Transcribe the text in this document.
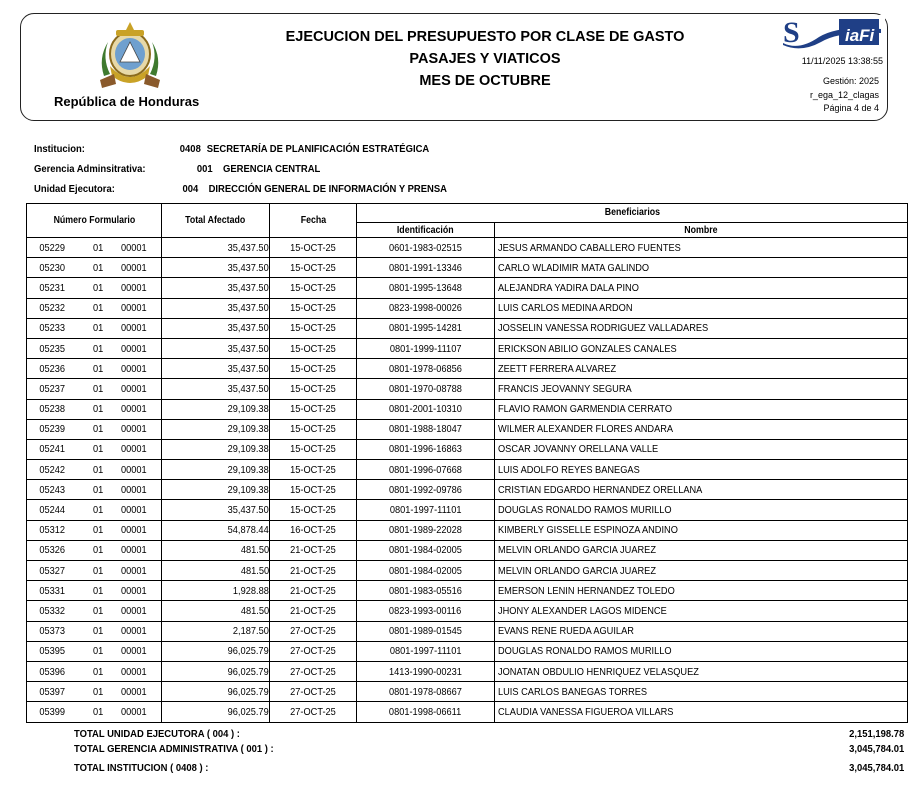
República de Honduras
EJECUCION DEL PRESUPUESTO POR CLASE DE GASTO
PASAJES Y VIATICOS
MES DE OCTUBRE
S	iaFi
11/11/2025 13:38:55
Gestión: 2025
r_ega_12_clagas
Página 4 de 4
Institucion:	0408 SECRETARÍA DE PLANIFICACIÓN ESTRATÉGICA
Gerencia Adminsitrativa:	001 GERENCIA CENTRAL
Unidad Ejecutora:	004 DIRECCIÓN GENERAL DE INFORMACIÓN Y PRENSA
Número Formulario	Total Afectado	Fecha	Beneficiarios	
			Identificación	Nombre
05229 01 00001	35,437.50	15-OCT-25	0601-1983-02515	JESUS ARMANDO CABALLERO FUENTES
05230 01 00001	35,437.50	15-OCT-25	0801-1991-13346	CARLO WLADIMIR MATA GALINDO
05231 01 00001	35,437.50	15-OCT-25	0801-1995-13648	ALEJANDRA YADIRA DALA PINO
05232 01 00001	35,437.50	15-OCT-25	0823-1998-00026	LUIS CARLOS MEDINA ARDON
05233 01 00001	35,437.50	15-OCT-25	0801-1995-14281	JOSSELIN VANESSA RODRIGUEZ VALLADARES
05235 01 00001	35,437.50	15-OCT-25	0801-1999-11107	ERICKSON ABILIO GONZALES CANALES
05236 01 00001	35,437.50	15-OCT-25	0801-1978-06856	ZEETT FERRERA ALVAREZ
05237 01 00001	35,437.50	15-OCT-25	0801-1970-08788	FRANCIS JEOVANNY SEGURA
05238 01 00001	29,109.38	15-OCT-25	0801-2001-10310	FLAVIO RAMON GARMENDIA CERRATO
05239 01 00001	29,109.38	15-OCT-25	0801-1988-18047	WILMER ALEXANDER FLORES ANDARA
05241 01 00001	29,109.38	15-OCT-25	0801-1996-16863	OSCAR JOVANNY ORELLANA VALLE
05242 01 00001	29,109.38	15-OCT-25	0801-1996-07668	LUIS ADOLFO REYES BANEGAS
05243 01 00001	29,109.38	15-OCT-25	0801-1992-09786	CRISTIAN EDGARDO HERNANDEZ ORELLANA
05244 01 00001	35,437.50	15-OCT-25	0801-1997-11101	DOUGLAS RONALDO RAMOS MURILLO
05312 01 00001	54,878.44	16-OCT-25	0801-1989-22028	KIMBERLY GISSELLE ESPINOZA ANDINO
05326 01 00001	481.50	21-OCT-25	0801-1984-02005	MELVIN ORLANDO GARCIA JUAREZ
05327 01 00001	481.50	21-OCT-25	0801-1984-02005	MELVIN ORLANDO GARCIA JUAREZ
05331 01 00001	1,928.88	21-OCT-25	0801-1983-05516	EMERSON LENIN HERNANDEZ TOLEDO
05332 01 00001	481.50	21-OCT-25	0823-1993-00116	JHONY ALEXANDER LAGOS MIDENCE
05373 01 00001	2,187.50	27-OCT-25	0801-1989-01545	EVANS RENE RUEDA AGUILAR
05395 01 00001	96,025.79	27-OCT-25	0801-1997-11101	DOUGLAS RONALDO RAMOS MURILLO
05396 01 00001	96,025.79	27-OCT-25	1413-1990-00231	JONATAN OBDULIO HENRIQUEZ VELASQUEZ
05397 01 00001	96,025.79	27-OCT-25	0801-1978-08667	LUIS CARLOS BANEGAS TORRES
05399 01 00001	96,025.79	27-OCT-25	0801-1998-06611	CLAUDIA VANESSA FIGUEROA VILLARS
TOTAL UNIDAD EJECUTORA ( 004 ) :	2,151,198.78
TOTAL GERENCIA ADMINISTRATIVA ( 001 ) :	3,045,784.01
TOTAL INSTITUCION ( 0408 ) :	3,045,784.01
